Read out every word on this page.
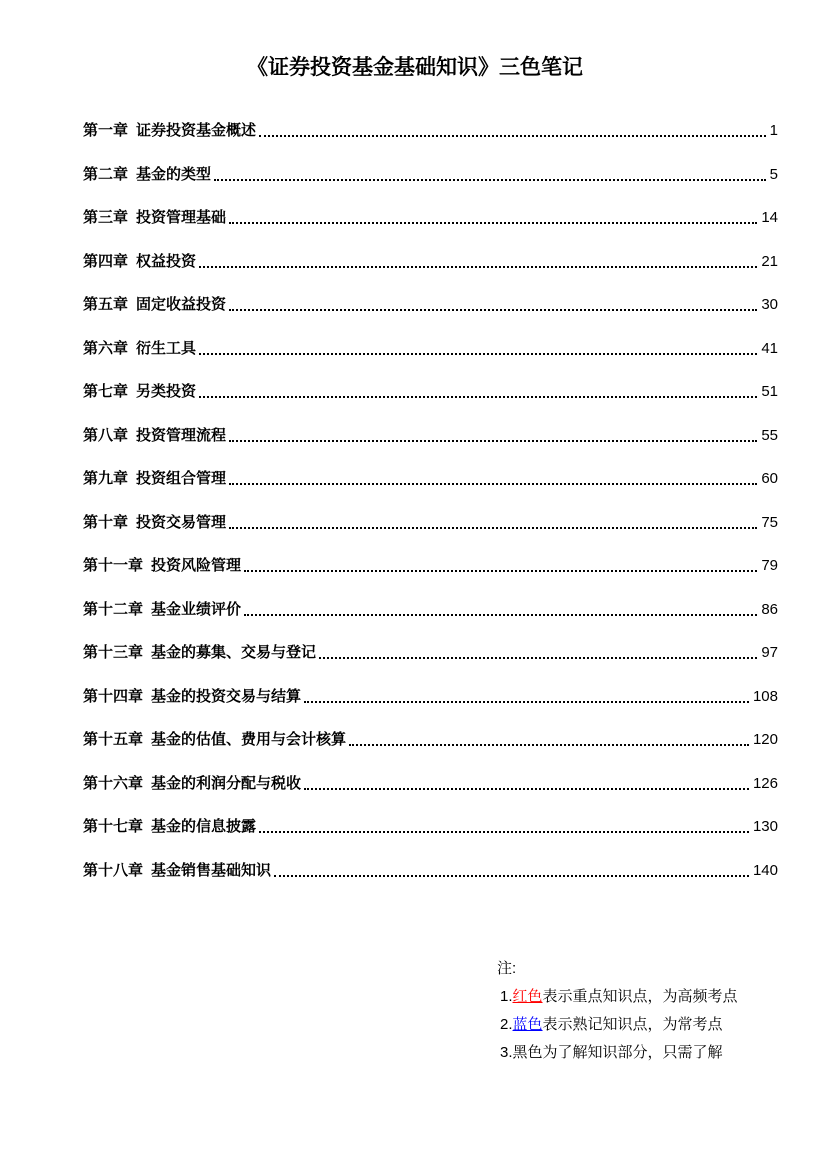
《证券投资基金基础知识》三色笔记
第一章 证券投资基金概述	1
第二章 基金的类型	5
第三章 投资管理基础	14
第四章 权益投资	21
第五章 固定收益投资	30
第六章 衍生工具	41
第七章 另类投资	51
第八章 投资管理流程	55
第九章 投资组合管理	60
第十章 投资交易管理	75
第十一章 投资风险管理	79
第十二章 基金业绩评价	86
第十三章 基金的募集、交易与登记	97
第十四章 基金的投资交易与结算	108
第十五章 基金的估值、费用与会计核算	120
第十六章 基金的利润分配与税收	126
第十七章 基金的信息披露	130
第十八章 基金销售基础知识	140
注:
1.红色表示重点知识点，为高频考点
2.蓝色表示熟记知识点，为常考点
3.黑色为了解知识部分，只需了解
